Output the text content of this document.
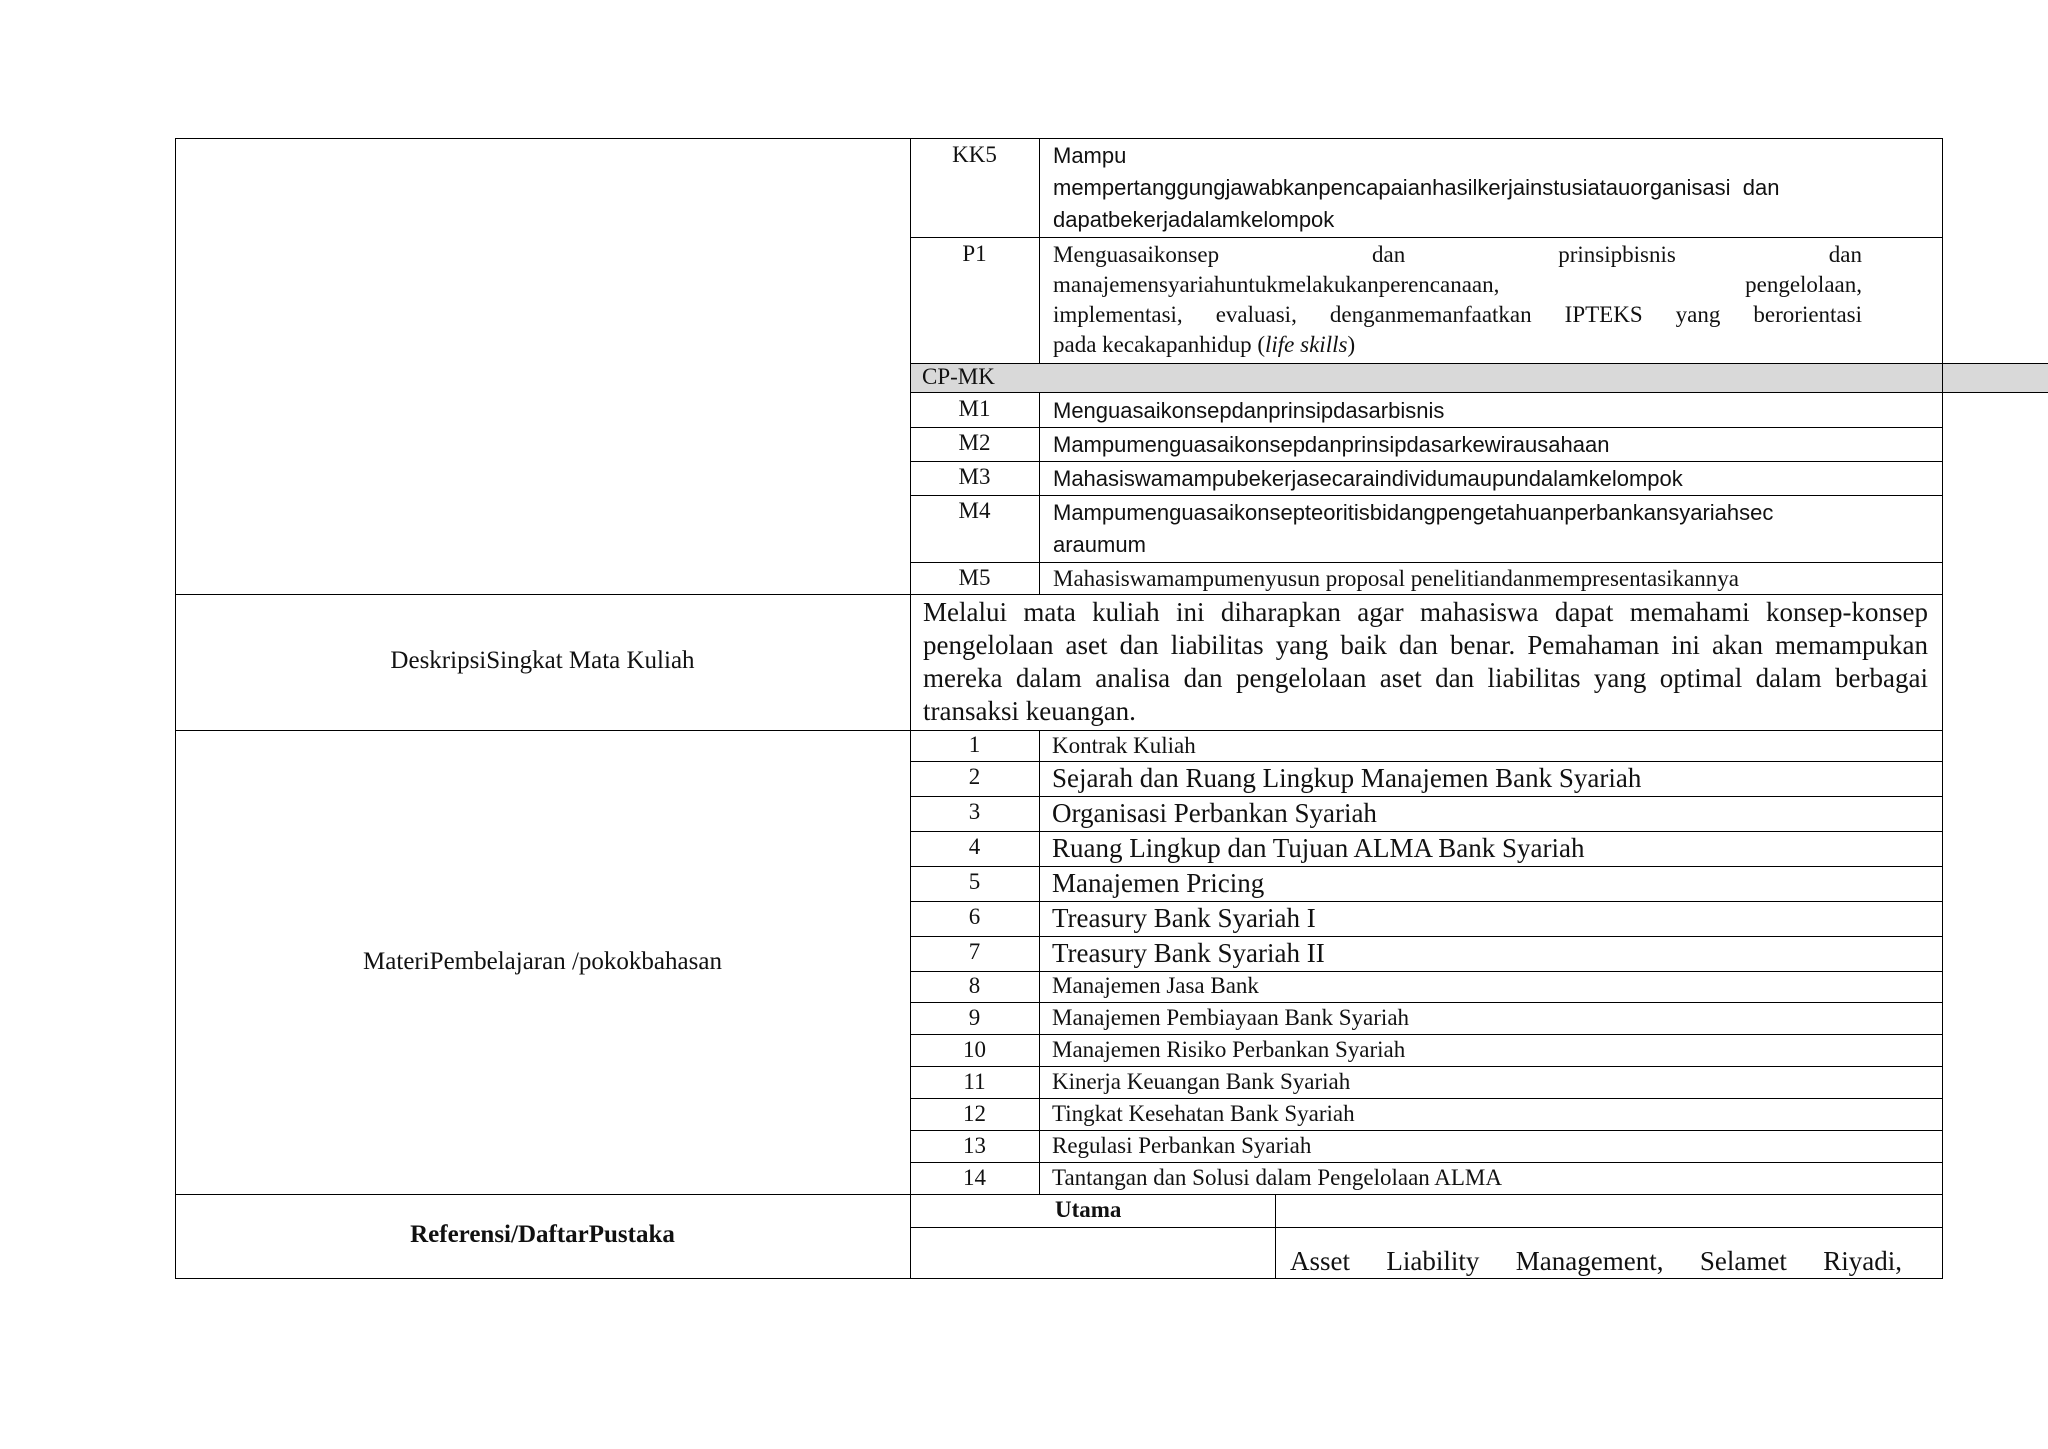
KK5	Mampu
mempertanggungjawabkanpencapaianhasilkerjainstusiatauorganisasi  dan
dapatbekerjadalamkelompok
P1	Menguasaikonsep dan prinsipbisnis dan
manajemensyariahuntukmelakukanperencanaan, pengelolaan,
implementasi, evaluasi, denganmemanfaatkan IPTEKS yang berorientasi
pada kecakapanhidup (life skills)
CP-MK
M1	Menguasaikonsepdanprinsipdasarbisnis
M2	Mampumenguasaikonsepdanprinsipdasarkewirausahaan
M3	Mahasiswamampubekerjasecaraindividumaupundalamkelompok
M4	Mampumenguasaikonsepteoritisbidangpengetahuanperbankansyariahsec
araumum
M5	Mahasiswamampumenyusun proposal penelitiandanmempresentasikannya
DeskripsiSingkat Mata Kuliah
Melalui mata kuliah ini diharapkan agar mahasiswa dapat memahami konsep-konsep
pengelolaan aset dan liabilitas yang baik dan benar. Pemahaman ini akan memampukan
mereka dalam analisa dan pengelolaan aset dan liabilitas yang optimal dalam berbagai
transaksi keuangan.
MateriPembelajaran /pokokbahasan
1	Kontrak Kuliah
2	Sejarah dan Ruang Lingkup Manajemen Bank Syariah
3	Organisasi Perbankan Syariah
4	Ruang Lingkup dan Tujuan ALMA Bank Syariah
5	Manajemen Pricing
6	Treasury Bank Syariah I
7	Treasury Bank Syariah II
8	Manajemen Jasa Bank
9	Manajemen Pembiayaan Bank Syariah
10	Manajemen Risiko Perbankan Syariah
11	Kinerja Keuangan Bank Syariah
12	Tingkat Kesehatan Bank Syariah
13	Regulasi Perbankan Syariah
14	Tantangan dan Solusi dalam Pengelolaan ALMA
Referensi/DaftarPustaka
Utama
Asset  Liability  Management,  Selamet  Riyadi,
